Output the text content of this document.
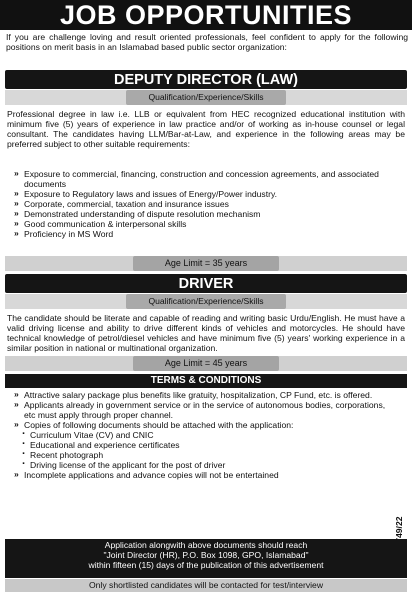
JOB OPPORTUNITIES

If you are challenge loving and result oriented professionals, feel confident to apply for the following positions on merit basis in an Islamabad based public sector organization:

DEPUTY DIRECTOR (LAW)
Qualification/Experience/Skills

Professional degree in law i.e. LLB or equivalent from HEC recognized educational institution with minimum five (5) years of experience in law practice and/or of working as in-house counsel or legal consultant. The candidates having LLM/Bar-at-Law, and experience in the following areas may be preferred subject to other suitable requirements:

» Exposure to commercial, financing, construction and concession agreements, and associated documents
» Exposure to Regulatory laws and issues of Energy/Power industry.
» Corporate, commercial, taxation and insurance issues
» Demonstrated understanding of dispute resolution mechanism
» Good communication & interpersonal skills
» Proficiency in MS Word
Age Limit = 35 years
DRIVER
Qualification/Experience/Skills

The candidate should be literate and capable of reading and writing basic Urdu/English. He must have a valid driving license and ability to drive different kinds of vehicles and motorcycles. He should have technical knowledge of petrol/diesel vehicles and have minimum five (5) years' working experience in a similar position in national or multinational organization.

Age Limit = 45 years
TERMS & CONDITIONS
» Attractive salary package plus benefits like gratuity, hospitalization, CP Fund, etc. is offered.
» Applicants already in government service or in the service of autonomous bodies, corporations, etc must apply through proper channel.
» Copies of following documents should be attached with the application:
· Curriculum Vitae (CV) and CNIC
· Educational and experience certificates
· Recent photograph
· Driving license of the applicant for the post of driver
» Incomplete applications and advance copies will not be entertained
Application alongwith above documents should reach
"Joint Director (HR), P.O. Box 1098, GPO, Islamabad"
within fifteen (15) days of the publication of this advertisement
Only shortlisted candidates will be contacted for test/interview
